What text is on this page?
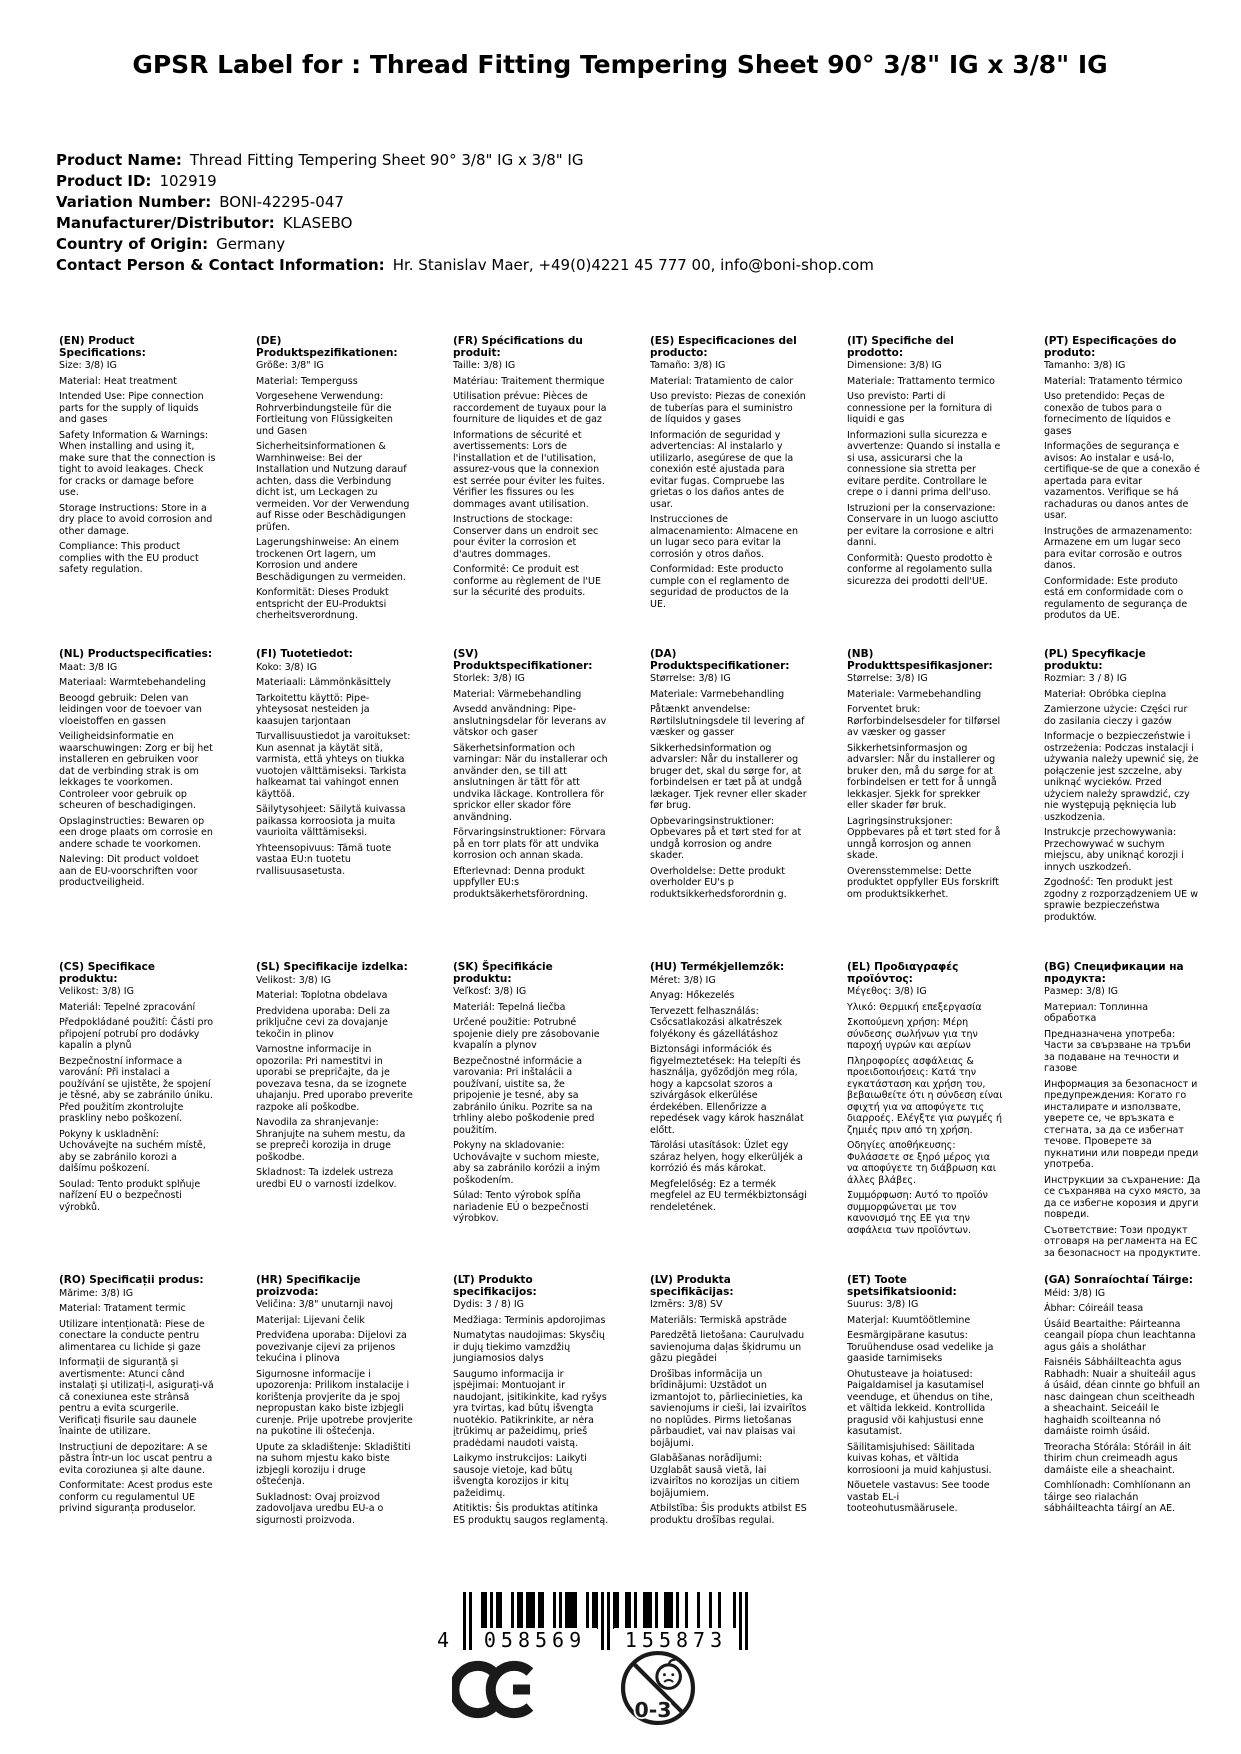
GPSR Label for : Thread Fitting Tempering Sheet 90° 3/8" IG x 3/8" IG
Product Name: Thread Fitting Tempering Sheet 90° 3/8" IG x 3/8" IG
Product ID: 102919
Variation Number: BONI-42295-047
Manufacturer/Distributor: KLASEBO
Country of Origin: Germany
Contact Person & Contact Information: Hr. Stanislav Maer, +49(0)4221 45 777 00, info@boni-shop.com

(EN) Product Specifications:

Size: 3/8) IG

Material: Heat treatment

Intended Use: Pipe connection parts for the supply of liquids and gases

Safety Information & Warnings: When installing and using it, make sure that the connection is tight to avoid leakages. Check for cracks or damage before use.

Storage Instructions: Store in a dry place to avoid corrosion and other damage.

Compliance: This product complies with the EU product safety regulation.

(DE) Produktspezifikationen:

Größe: 3/8" IG

Material: Temperguss

Vorgesehene Verwendung: Rohrverbindungsteile für die Fortleitung von Flüssigkeiten und Gasen

Sicherheitsinformationen & Warnhinweise: Bei der Installation und Nutzung darauf achten, dass die Verbindung dicht ist, um Leckagen zu vermeiden. Vor der Verwendung auf Risse oder Beschädigungen prüfen.

Lagerungshinweise: An einem trockenen Ort lagern, um Korrosion und andere Beschädigungen zu vermeiden.

Konformität: Dieses Produkt entspricht der EU-Produktsi cherheitsverordnung.

(FR) Spécifications du produit:

Taille: 3/8) IG

Matériau: Traitement thermique

Utilisation prévue: Pièces de raccordement de tuyaux pour la fourniture de liquides et de gaz

Informations de sécurité et avertissements: Lors de l'installation et de l'utilisation, assurez-vous que la connexion est serrée pour éviter les fuites. Vérifier les fissures ou les dommages avant utilisation.

Instructions de stockage: Conserver dans un endroit sec pour éviter la corrosion et d'autres dommages.

Conformité: Ce produit est conforme au règlement de l'UE sur la sécurité des produits.

(ES) Especificaciones del producto:

Tamaño: 3/8) IG

Material: Tratamiento de calor

Uso previsto: Piezas de conexión de tuberías para el suministro de líquidos y gases

Información de seguridad y advertencias: Al instalarlo y utilizarlo, asegúrese de que la conexión esté ajustada para evitar fugas. Compruebe las grietas o los daños antes de usar.

Instrucciones de almacenamiento: Almacene en un lugar seco para evitar la corrosión y otros daños.

Conformidad: Este producto cumple con el reglamento de seguridad de productos de la UE.

(IT) Specifiche del prodotto:

Dimensione: 3/8) IG

Materiale: Trattamento termico

Uso previsto: Parti di connessione per la fornitura di liquidi e gas

Informazioni sulla sicurezza e avvertenze: Quando si installa e si usa, assicurarsi che la connessione sia stretta per evitare perdite. Controllare le crepe o i danni prima dell'uso.

Istruzioni per la conservazione: Conservare in un luogo asciutto per evitare la corrosione e altri danni.

Conformità: Questo prodotto è conforme al regolamento sulla sicurezza dei prodotti dell'UE.

(PT) Especificações do produto:

Tamanho: 3/8) IG

Material: Tratamento térmico

Uso pretendido: Peças de conexão de tubos para o fornecimento de líquidos e gases

Informações de segurança e avisos: Ao instalar e usá-lo, certifique-se de que a conexão é apertada para evitar vazamentos. Verifique se há rachaduras ou danos antes de usar.

Instruções de armazenamento: Armazene em um lugar seco para evitar corrosão e outros danos.

Conformidade: Este produto está em conformidade com o regulamento de segurança de produtos da UE.

(NL) Productspecificaties:

Maat: 3/8 IG

Materiaal: Warmtebehandeling

Beoogd gebruik: Delen van leidingen voor de toevoer van vloeistoffen en gassen

Veiligheidsinformatie en waarschuwingen: Zorg er bij het installeren en gebruiken voor dat de verbinding strak is om lekkages te voorkomen. Controleer voor gebruik op scheuren of beschadigingen.

Opslaginstructies: Bewaren op een droge plaats om corrosie en andere schade te voorkomen.

Naleving: Dit product voldoet aan de EU-voorschriften voor productveiligheid.

(FI) Tuotetiedot:

Koko: 3/8) IG

Materiaali: Lämmönkäsittely

Tarkoitettu käyttö: Pipe-yhteysosat nesteiden ja kaasujen tarjontaan

Turvallisuustiedot ja varoitukset: Kun asennat ja käytät sitä, varmista, että yhteys on tiukka vuotojen välttämiseksi. Tarkista halkeamat tai vahingot ennen käyttöä.

Säilytysohjeet: Säilytä kuivassa paikassa korroosiota ja muita vaurioita välttämiseksi.

Yhteensopivuus: Tämä tuote vastaa EU:n tuotetu rvallisuusasetusta.

(SV) Produktspecifikationer:

Storlek: 3/8) IG

Material: Värmebehandling

Avsedd användning: Pipe-anslutningsdelar för leverans av vätskor och gaser

Säkerhetsinformation och varningar: När du installerar och använder den, se till att anslutningen är tätt för att undvika läckage. Kontrollera för sprickor eller skador före användning.

Förvaringsinstruktioner: Förvara på en torr plats för att undvika korrosion och annan skada.

Efterlevnad: Denna produkt uppfyller EU:s produktsäkerhetsförordning.

(DA) Produktspecifikationer:

Størrelse: 3/8) IG

Materiale: Varmebehandling

Påtænkt anvendelse: Rørtilslutningsdele til levering af væsker og gasser

Sikkerhedsinformation og advarsler: Når du installerer og bruger det, skal du sørge for, at forbindelsen er tæt på at undgå lækager. Tjek revner eller skader før brug.

Opbevaringsinstruktioner: Opbevares på et tørt sted for at undgå korrosion og andre skader.

Overholdelse: Dette produkt overholder EU's p roduktsikkerhedsforordnin g.

(NB) Produkttspesifikasjoner:

Størrelse: 3/8) IG

Materiale: Varmebehandling

Forventet bruk: Rørforbindelsesdeler for tilførsel av væsker og gasser

Sikkerhetsinformasjon og advarsler: Når du installerer og bruker den, må du sørge for at forbindelsen er tett for å unngå lekkasjer. Sjekk for sprekker eller skader før bruk.

Lagringsinstruksjoner: Oppbevares på et tørt sted for å unngå korrosjon og annen skade.

Overensstemmelse: Dette produktet oppfyller EUs forskrift om produktsikkerhet.

(PL) Specyfikacje produktu:

Rozmiar: 3 / 8) IG

Materiał: Obróbka cieplna

Zamierzone użycie: Części rur do zasilania cieczy i gazów

Informacje o bezpieczeństwie i ostrzeżenia: Podczas instalacji i używania należy upewnić się, że połączenie jest szczelne, aby uniknąć wycieków. Przed użyciem należy sprawdzić, czy nie występują pęknięcia lub uszkodzenia.

Instrukcje przechowywania: Przechowywać w suchym miejscu, aby uniknąć korozji i innych uszkodzeń.

Zgodność: Ten produkt jest zgodny z rozporządzeniem UE w sprawie bezpieczeństwa produktów.

(CS) Specifikace produktu:

Velikost: 3/8) IG

Materiál: Tepelné zpracování

Předpokládané použití: Části pro připojení potrubí pro dodávky kapalin a plynů

Bezpečnostní informace a varování: Při instalaci a používání se ujistěte, že spojení je těsné, aby se zabránilo úniku. Před použitím zkontrolujte praskliny nebo poškození.

Pokyny k uskladnění: Uchovávejte na suchém místě, aby se zabránilo korozi a dalšímu poškození.

Soulad: Tento produkt splňuje nařízení EU o bezpečnosti výrobků.

(SL) Specifikacije izdelka:

Velikost: 3/8) IG

Material: Toplotna obdelava

Predvidena uporaba: Deli za priključne cevi za dovajanje tekočin in plinov

Varnostne informacije in opozorila: Pri namestitvi in uporabi se prepričajte, da je povezava tesna, da se izognete uhajanju. Pred uporabo preverite razpoke ali poškodbe.

Navodila za shranjevanje: Shranjujte na suhem mestu, da se prepreči korozija in druge poškodbe.

Skladnost: Ta izdelek ustreza uredbi EU o varnosti izdelkov.

(SK) Špecifikácie produktu:

Veľkosť: 3/8) IG

Materiál: Tepelná liečba

Určené použitie: Potrubné spojenie diely pre zásobovanie kvapalín a plynov

Bezpečnostné informácie a varovania: Pri inštalácii a používaní, uistite sa, že pripojenie je tesné, aby sa zabránilo úniku. Pozrite sa na trhliny alebo poškodenie pred použitím.

Pokyny na skladovanie: Uchovávajte v suchom mieste, aby sa zabránilo korózii a iným poškodením.

Súlad: Tento výrobok spĺňa nariadenie EÚ o bezpečnosti výrobkov.

(HU) Termékjellemzők:

Méret: 3/8) IG

Anyag: Hőkezelés

Tervezett felhasználás: Csőcsatlakozási alkatrészek folyékony és gázellátáshoz

Biztonsági információk és figyelmeztetések: Ha telepíti és használja, győződjön meg róla, hogy a kapcsolat szoros a szivárgások elkerülése érdekében. Ellenőrizze a repedések vagy károk használat előtt.

Tárolási utasítások: Üzlet egy száraz helyen, hogy elkerüljék a korrózió és más károkat.

Megfelelőség: Ez a termék megfelel az EU termékbiztonsági rendeletének.

(EL) Προδιαγραφές προϊόντος:

Μέγεθος: 3/8) IG

Υλικό: Θερμική επεξεργασία

Σκοπούμενη χρήση: Μέρη σύνδεσης σωλήνων για την παροχή υγρών και αερίων

Πληροφορίες ασφάλειας & προειδοποιήσεις: Κατά την εγκατάσταση και χρήση του, βεβαιωθείτε ότι η σύνδεση είναι σφιχτή για να αποφύγετε τις διαρροές. Ελέγξτε για ρωγμές ή ζημιές πριν από τη χρήση.

Οδηγίες αποθήκευσης: Φυλάσσετε σε ξηρό μέρος για να αποφύγετε τη διάβρωση και άλλες βλάβες.

Συμμόρφωση: Αυτό το προϊόν συμμορφώνεται με τον κανονισμό της ΕΕ για την ασφάλεια των προϊόντων.

(BG) Спецификации на продукта:

Размер: 3/8) IG

Материал: Топлинна обработка

Предназначена употреба: Части за свързване на тръби за подаване на течности и газове

Информация за безопасност и предупреждения: Когато го инсталирате и използвате, уверете се, че връзката е стегната, за да се избегнат течове. Проверете за пукнатини или повреди преди употреба.

Инструкции за съхранение: Да се съхранява на сухо място, за да се избегне корозия и други повреди.

Съответствие: Този продукт отговаря на регламента на ЕС за безопасност на продуктите.

(RO) Specificații produs:

Mărime: 3/8) IG

Material: Tratament termic

Utilizare intenționată: Piese de conectare la conducte pentru alimentarea cu lichide și gaze

Informații de siguranță și avertismente: Atunci când instalați și utilizați-l, asigurați-vă că conexiunea este strânsă pentru a evita scurgerile. Verificați fisurile sau daunele înainte de utilizare.

Instrucțiuni de depozitare: A se păstra într-un loc uscat pentru a evita coroziunea și alte daune.

Conformitate: Acest produs este conform cu regulamentul UE privind siguranța produselor.

(HR) Specifikacije proizvoda:

Veličina: 3/8" unutarnji navoj

Materijal: Lijevani čelik

Predviđena uporaba: Dijelovi za povezivanje cijevi za prijenos tekućina i plinova

Sigurnosne informacije i upozorenja: Prilikom instalacije i korištenja provjerite da je spoj nepropustan kako biste izbjegli curenje. Prije upotrebe provjerite na pukotine ili oštećenja.

Upute za skladištenje: Skladištiti na suhom mjestu kako biste izbjegli koroziju i druge oštećenja.

Sukladnost: Ovaj proizvod zadovoljava uredbu EU-a o sigurnosti proizvoda.

(LT) Produkto specifikacijos:

Dydis: 3 / 8) IG

Medžiaga: Terminis apdorojimas

Numatytas naudojimas: Skysčių ir dujų tiekimo vamzdžių jungiamosios dalys

Saugumo informacija ir įspėjimai: Montuojant ir naudojant, įsitikinkite, kad ryšys yra tvirtas, kad būtų išvengta nuotėkio. Patikrinkite, ar nėra įtrūkimų ar pažeidimų, prieš pradėdami naudoti vaistą.

Laikymo instrukcijos: Laikyti sausoje vietoje, kad būtų išvengta korozijos ir kitų pažeidimų.

Atitiktis: Šis produktas atitinka ES produktų saugos reglamentą.

(LV) Produkta specifikācijas:

Izmērs: 3/8) SV

Materiāls: Termiskā apstrāde

Paredzētā lietošana: Cauruļvadu savienojuma daļas šķidrumu un gāzu piegādei

Drošības informācija un brīdinājumi: Uzstādot un izmantojot to, pārliecinieties, ka savienojums ir cieši, lai izvairītos no noplūdes. Pirms lietošanas pārbaudiet, vai nav plaisas vai bojājumi.

Glabāšanas norādījumi: Uzglabāt sausā vietā, lai izvairītos no korozijas un citiem bojājumiem.

Atbilstība: Šis produkts atbilst ES produktu drošības regulai.

(ET) Toote spetsifikatsioonid:

Suurus: 3/8) IG

Materjal: Kuumtöötlemine

Eesmärgipärane kasutus: Toruühenduse osad vedelike ja gaaside tarnimiseks

Ohutusteave ja hoiatused: Paigaldamisel ja kasutamisel veenduge, et ühendus on tihe, et vältida lekkeid. Kontrollida pragusid või kahjustusi enne kasutamist.

Säilitamisjuhised: Säilitada kuivas kohas, et vältida korrosiooni ja muid kahjustusi.

Nõuetele vastavus: See toode vastab EL-i tooteohutusmäärusele.

(GA) Sonraíochtaí Táirge:

Méid: 3/8) IG

Ábhar: Cóireáil teasa

Úsáid Beartaithe: Páirteanna ceangail píopa chun leachtanna agus gáis a sholáthar

Faisnéis Sábháilteachta agus Rabhadh: Nuair a shuiteáil agus á úsáid, déan cinnte go bhfuil an nasc daingean chun sceitheadh a sheachaint. Seiceáil le haghaidh scoilteanna nó damáiste roimh úsáid.

Treoracha Stórála: Stóráil in áit thirim chun creimeadh agus damáiste eile a sheachaint.

Comhlíonadh: Comhlíonann an táirge seo rialachán sábháilteachta táirgí an AE.

4	058569	155873
0-3
